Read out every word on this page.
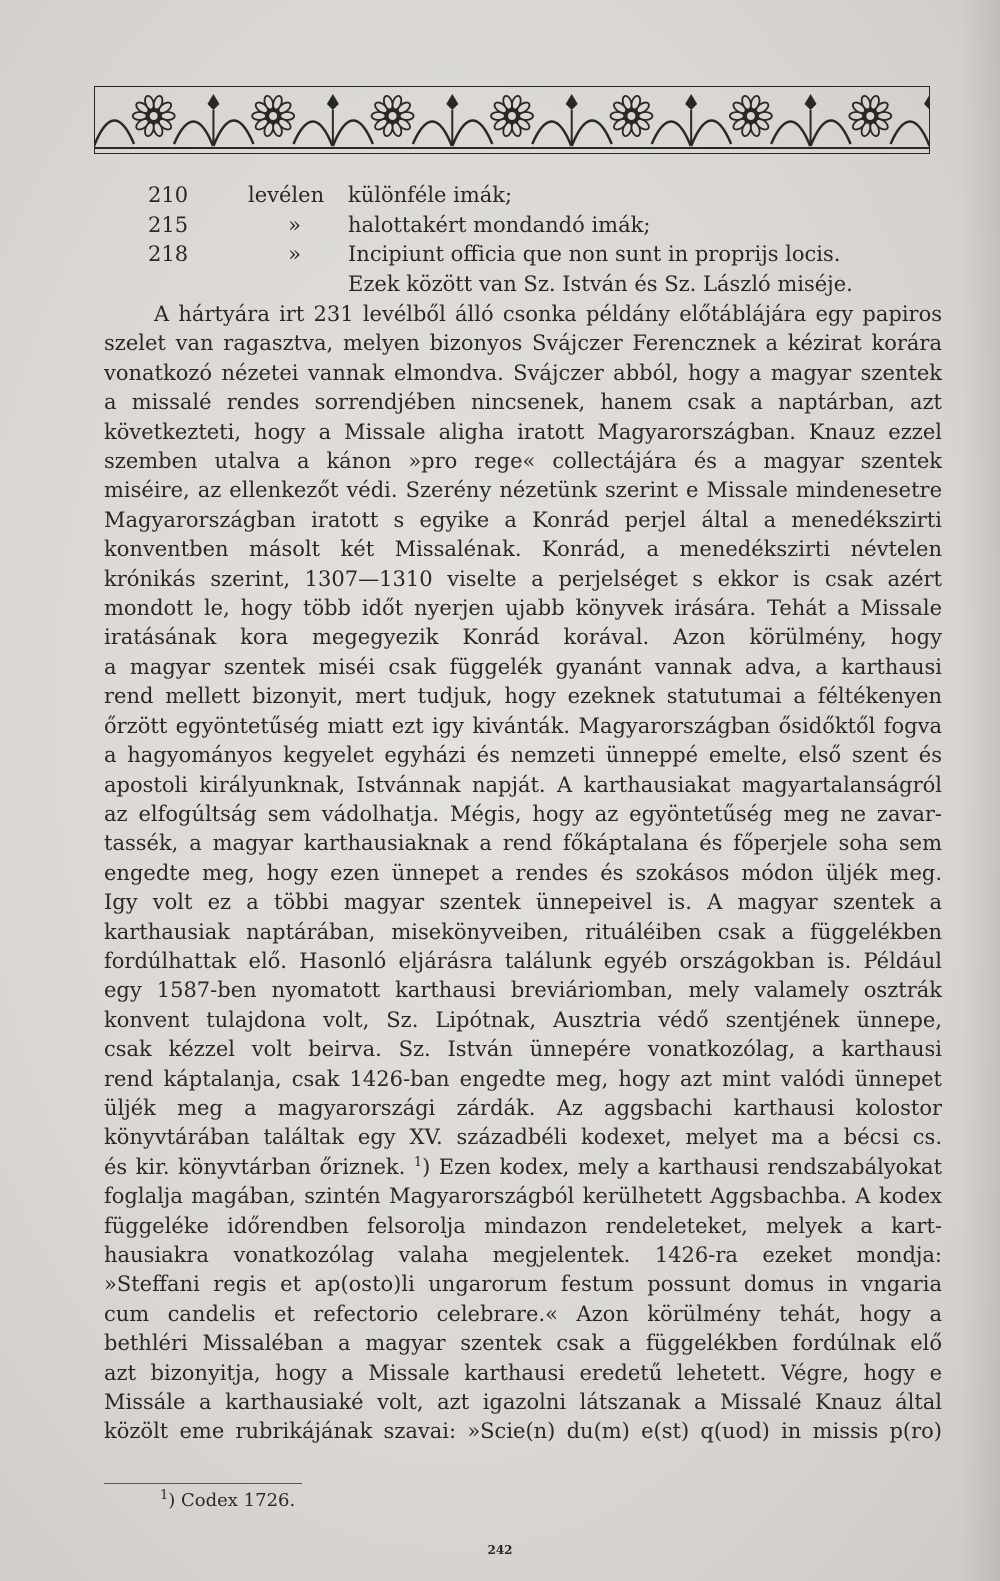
210	levélen	különféle imák;
215	»	halottakért mondandó imák;
218	»	Incipiunt officia que non sunt in proprijs locis.
Ezek között van Sz. István és Sz. László miséje.
A hártyára irt 231 levélből álló csonka példány előtáblájára egy papiros
szelet van ragasztva, melyen bizonyos Svájczer Ferencznek a kézirat korára
vonatkozó nézetei vannak elmondva. Svájczer abból, hogy a magyar szentek
a missalé rendes sorrendjében nincsenek, hanem csak a naptárban, azt
következteti, hogy a Missale aligha iratott Magyarországban. Knauz ezzel
szemben utalva a kánon »pro rege« collectájára és a magyar szentek
miséire, az ellenkezőt védi. Szerény nézetünk szerint e Missale mindenesetre
Magyarországban iratott s egyike a Konrád perjel által a menedékszirti
konventben másolt két Missalénak. Konrád, a menedékszirti névtelen
krónikás szerint, 1307—1310 viselte a perjelséget s ekkor is csak azért
mondott le, hogy több időt nyerjen ujabb könyvek irására. Tehát a Missale
iratásának kora megegyezik Konrád korával. Azon körülmény, hogy
a magyar szentek miséi csak függelék gyanánt vannak adva, a karthausi
rend mellett bizonyit, mert tudjuk, hogy ezeknek statutumai a féltékenyen
őrzött egyöntetűség miatt ezt igy kivánták. Magyarországban ősidőktől fogva
a hagyományos kegyelet egyházi és nemzeti ünneppé emelte, első szent és
apostoli királyunknak, Istvánnak napját. A karthausiakat magyartalanságról
az elfogúltság sem vádolhatja. Mégis, hogy az egyöntetűség meg ne zavar-
tassék, a magyar karthausiaknak a rend főkáptalana és főperjele soha sem
engedte meg, hogy ezen ünnepet a rendes és szokásos módon üljék meg.
Igy volt ez a többi magyar szentek ünnepeivel is. A magyar szentek a
karthausiak naptárában, misekönyveiben, rituáléiben csak a függelékben
fordúlhattak elő. Hasonló eljárásra találunk egyéb országokban is. Például
egy 1587-ben nyomatott karthausi breviáriomban, mely valamely osztrák
konvent tulajdona volt, Sz. Lipótnak, Ausztria védő szentjének ünnepe,
csak kézzel volt beirva. Sz. István ünnepére vonatkozólag, a karthausi
rend káptalanja, csak 1426-ban engedte meg, hogy azt mint valódi ünnepet
üljék meg a magyarországi zárdák. Az aggsbachi karthausi kolostor
könyvtárában találtak egy XV. századbéli kodexet, melyet ma a bécsi cs.
és kir. könyvtárban őriznek. $^1$) Ezen kodex, mely a karthausi rendszabályokat
foglalja magában, szintén Magyarországból kerülhetett Aggsbachba. A kodex
függeléke időrendben felsorolja mindazon rendeleteket, melyek a kart-
hausiakra vonatkozólag valaha megjelentek. 1426-ra ezeket mondja:
»Steffani regis et ap(osto)li ungarorum festum possunt domus in vngaria
cum candelis et refectorio celebrare.« Azon körülmény tehát, hogy a
bethléri Missaléban a magyar szentek csak a függelékben fordúlnak elő
azt bizonyitja, hogy a Missale karthausi eredetű lehetett. Végre, hogy e
Missále a karthausiaké volt, azt igazolni látszanak a Missalé Knauz által
közölt eme rubrikájának szavai: »Scie(n) du(m) e(st) q(uod) in missis p(ro)
$^1$) Codex 1726.
242
